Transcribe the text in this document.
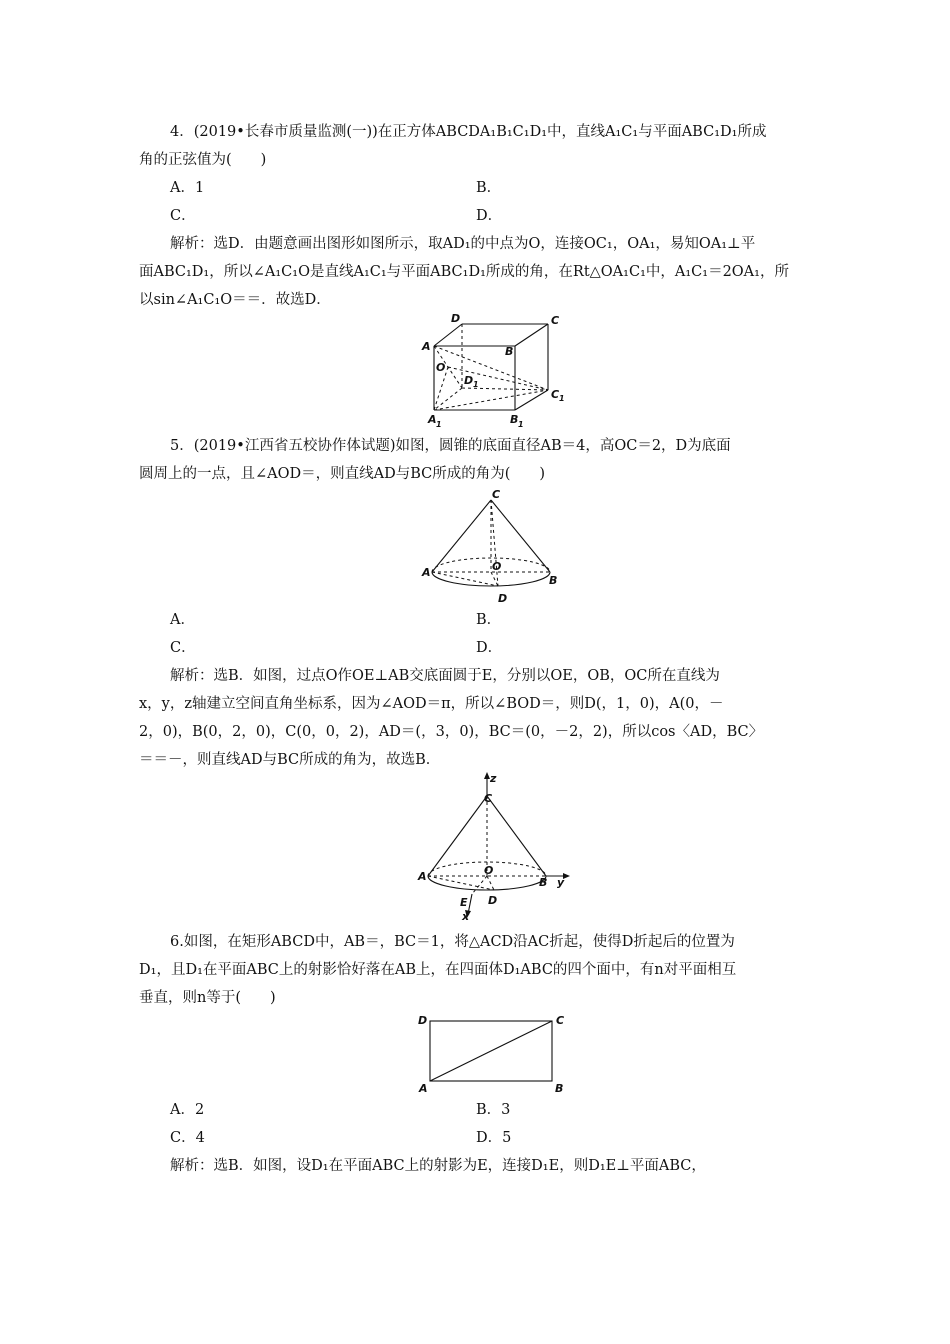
4．(2019•长春市质量监测(一))在正方体ABCDA₁B₁C₁D₁中，直线A₁C₁与平面ABC₁D₁所成
角的正弦值为(　　)
A．1	B．
C．	D．
解析：选D．由题意画出图形如图所示，取AD₁的中点为O，连接OC₁，OA₁，易知OA₁⊥平
面ABC₁D₁，所以∠A₁C₁O是直线A₁C₁与平面ABC₁D₁所成的角，在Rt△OA₁C₁中，A₁C₁＝2OA₁，所
以sin∠A₁C₁O＝＝．故选D．
D	C
A	B
O
D 1
C 1
A 1	B 1
5．(2019•江西省五校协作体试题)如图，圆锥的底面直径AB＝4，高OC＝2，D为底面
圆周上的一点，且∠AOD＝，则直线AD与BC所成的角为(　　)
C
O
A
B
D
A．	B．
C．	D．
解析：选B．如图，过点O作OE⊥AB交底面圆于E，分别以OE，OB，OC所在直线为
x，y，z轴建立空间直角坐标系，因为∠AOD＝π，所以∠BOD＝，则D(，1，0)，A(0，－
2，0)，B(0，2，0)，C(0，0，2)，AD＝(，3，0)，BC＝(0，－2，2)，所以cos〈AD，BC〉
＝＝－，则直线AD与BC所成的角为，故选B．
z
C
O
A	B y
D
E
x
6.如图，在矩形ABCD中，AB＝，BC＝1，将△ACD沿AC折起，使得D折起后的位置为
D₁，且D₁在平面ABC上的射影恰好落在AB上，在四面体D₁ABC的四个面中，有n对平面相互
垂直，则n等于(　　)
D	C
A	B
A．2	B．3
C．4	D．5
解析：选B．如图，设D₁在平面ABC上的射影为E，连接D₁E，则D₁E⊥平面ABC，
